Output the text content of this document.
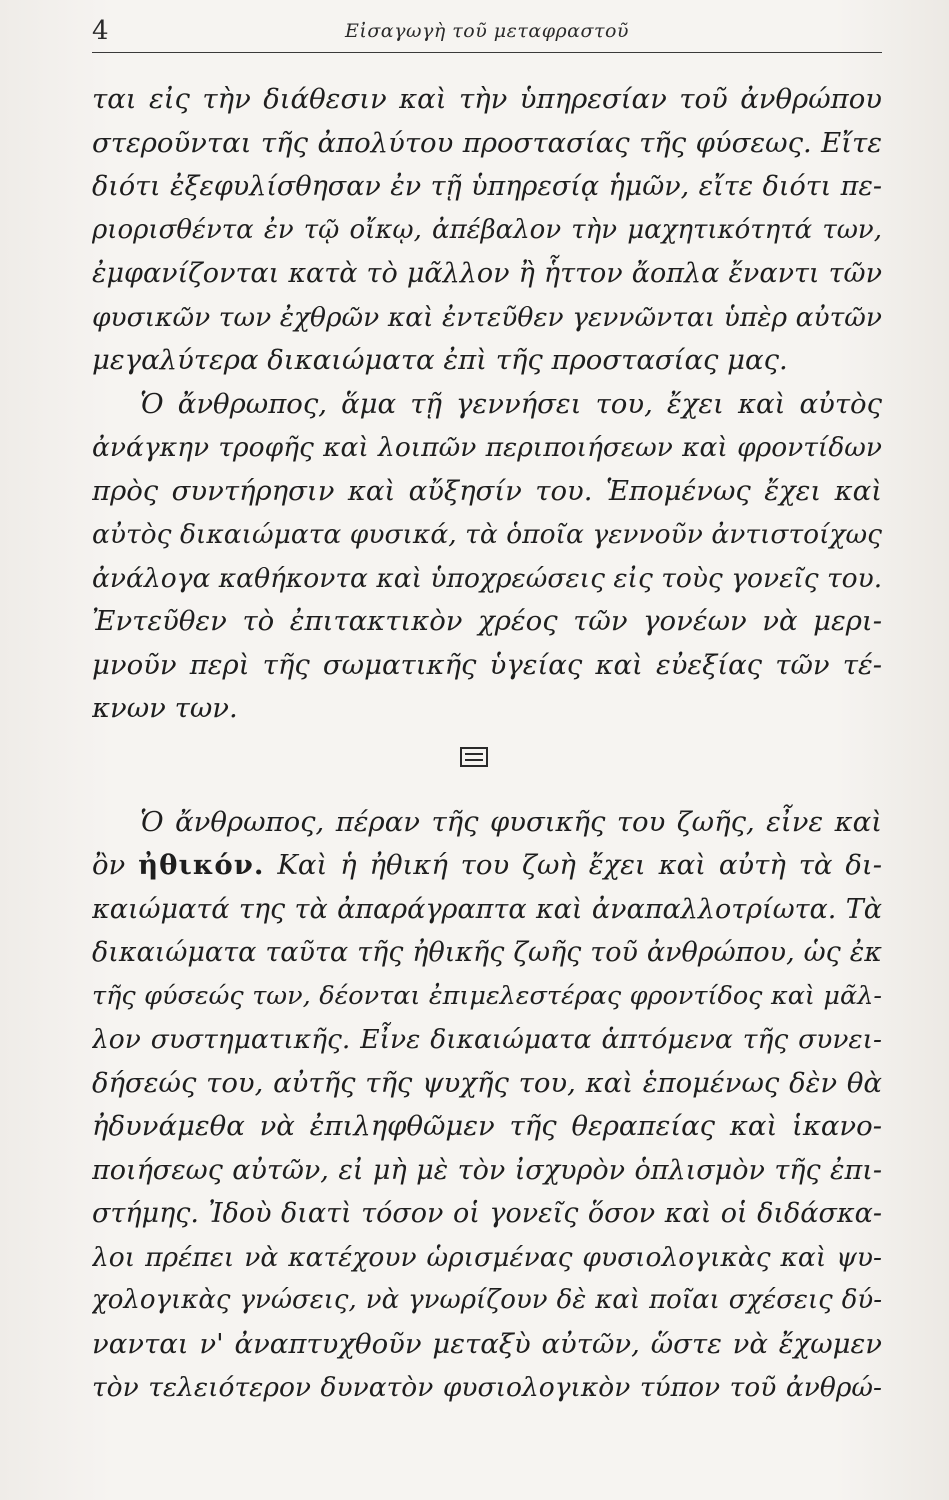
4	Εἰσαγωγὴ τοῦ μεταφραστοῦ
ται εἰς τὴν διάθεσιν καὶ τὴν ὑπηρεσίαν τοῦ ἀνθρώπου
στεροῦνται τῆς ἀπολύτου προστασίας τῆς φύσεως. Εἴτε
διότι ἐξεφυλίσθησαν ἐν τῇ ὑπηρεσίᾳ ἡμῶν, εἴτε διότι πε-
ριορισθέντα ἐν τῷ οἴκῳ, ἀπέβαλον τὴν μαχητικότητά των,
ἐμφανίζονται κατὰ τὸ μᾶλλον ἢ ἧττον ἄοπλα ἔναντι τῶν
φυσικῶν των ἐχθρῶν καὶ ἐντεῦθεν γεννῶνται ὑπὲρ αὐτῶν
μεγαλύτερα δικαιώματα ἐπὶ τῆς προστασίας μας.
Ὁ ἄνθρωπος, ἅμα τῇ γεννήσει του, ἔχει καὶ αὐτὸς
ἀνάγκην τροφῆς καὶ λοιπῶν περιποιήσεων καὶ φροντίδων
πρὸς συντήρησιν καὶ αὔξησίν του. Ἑπομένως ἔχει καὶ
αὐτὸς δικαιώματα φυσικά, τὰ ὁποῖα γεννοῦν ἀντιστοίχως
ἀνάλογα καθήκοντα καὶ ὑποχρεώσεις εἰς τοὺς γονεῖς του.
Ἐντεῦθεν τὸ ἐπιτακτικὸν χρέος τῶν γονέων νὰ μερι-
μνοῦν περὶ τῆς σωματικῆς ὑγείας καὶ εὐεξίας τῶν τέ-
κνων των.
Ὁ ἄνθρωπος, πέραν τῆς φυσικῆς του ζωῆς, εἶνε καὶ
ὂν ἠθικόν. Καὶ ἡ ἠθική του ζωὴ ἔχει καὶ αὐτὴ τὰ δι-
καιώματά της τὰ ἀπαράγραπτα καὶ ἀναπαλλοτρίωτα. Τὰ
δικαιώματα ταῦτα τῆς ἠθικῆς ζωῆς τοῦ ἀνθρώπου, ὡς ἐκ
τῆς φύσεώς των, δέονται ἐπιμελεστέρας φροντίδος καὶ μᾶλ-
λον συστηματικῆς. Εἶνε δικαιώματα ἁπτόμενα τῆς συνει-
δήσεώς του, αὐτῆς τῆς ψυχῆς του, καὶ ἑπομένως δὲν θὰ
ἠδυνάμεθα νὰ ἐπιληφθῶμεν τῆς θεραπείας καὶ ἱκανο-
ποιήσεως αὐτῶν, εἰ μὴ μὲ τὸν ἰσχυρὸν ὁπλισμὸν τῆς ἐπι-
στήμης. Ἰδοὺ διατὶ τόσον οἱ γονεῖς ὅσον καὶ οἱ διδάσκα-
λοι πρέπει νὰ κατέχουν ὡρισμένας φυσιολογικὰς καὶ ψυ-
χολογικὰς γνώσεις, νὰ γνωρίζουν δὲ καὶ ποῖαι σχέσεις δύ-
νανται ν' ἀναπτυχθοῦν μεταξὺ αὐτῶν, ὥστε νὰ ἔχωμεν
τὸν τελειότερον δυνατὸν φυσιολογικὸν τύπον τοῦ ἀνθρώ-
